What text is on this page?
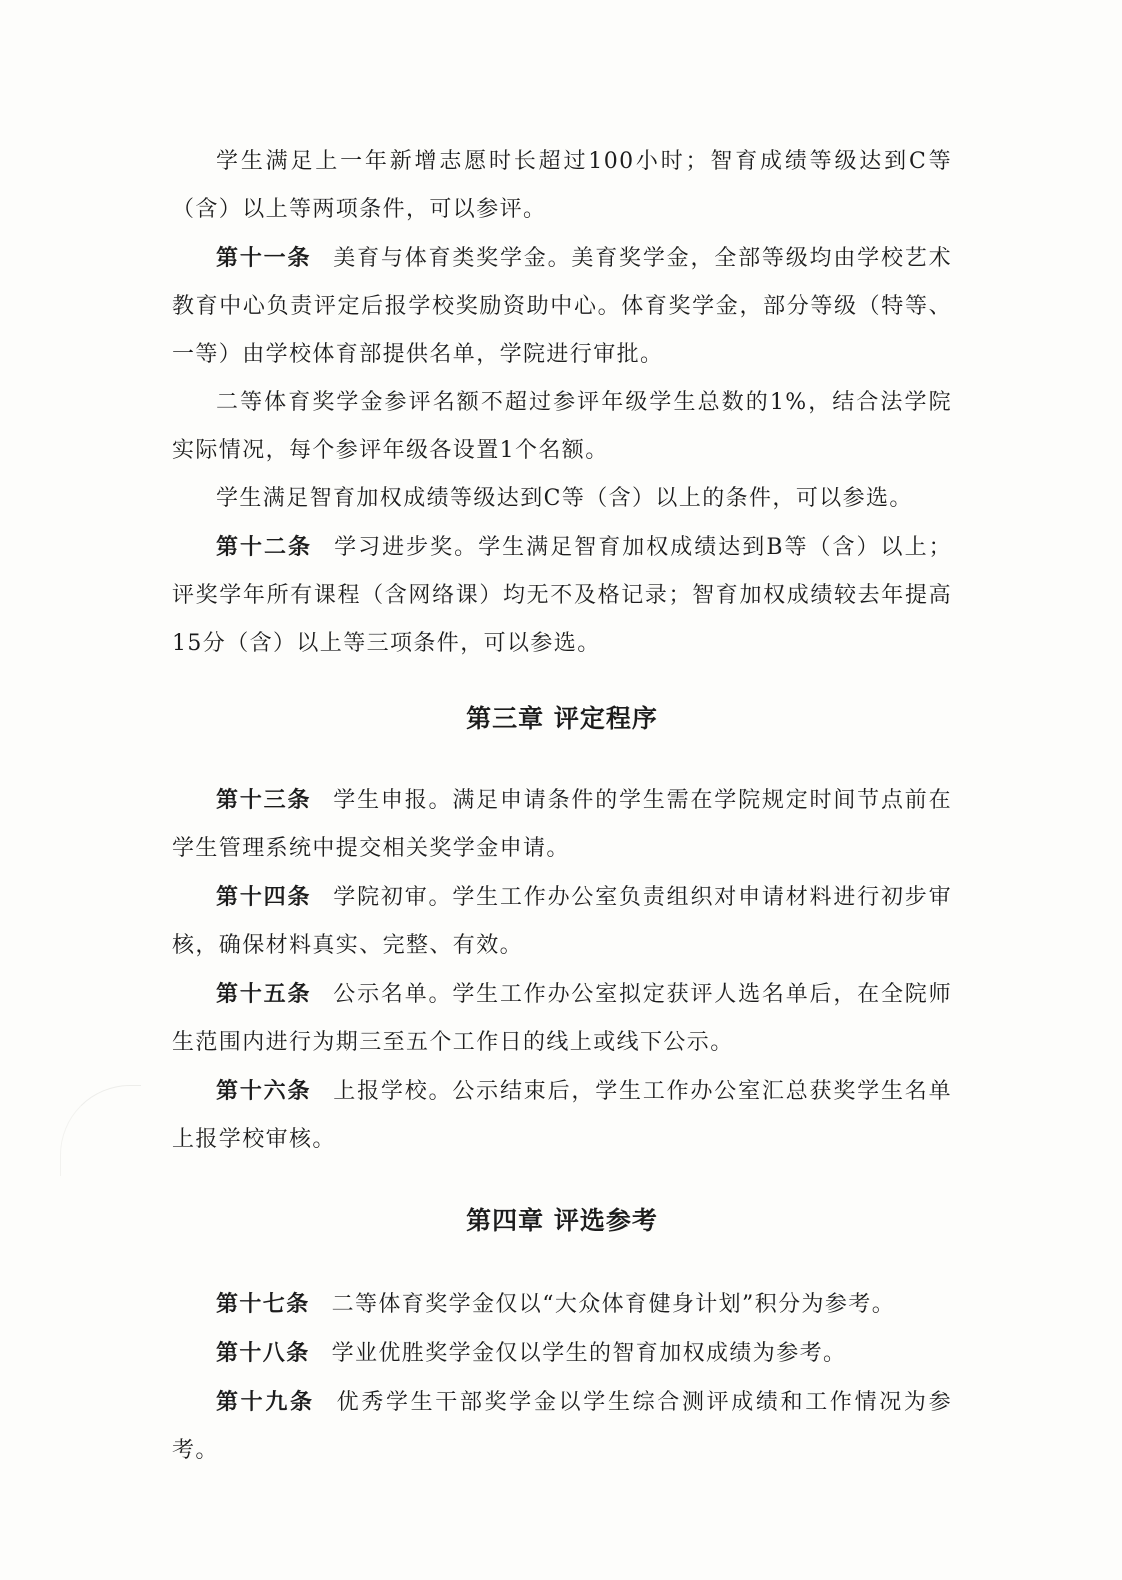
学生满足上一年新增志愿时长超过100小时；智育成绩等级达到C等（含）以上等两项条件，可以参评。

第十一条 美育与体育类奖学金。美育奖学金，全部等级均由学校艺术教育中心负责评定后报学校奖励资助中心。体育奖学金，部分等级（特等、一等）由学校体育部提供名单，学院进行审批。

二等体育奖学金参评名额不超过参评年级学生总数的1%，结合法学院实际情况，每个参评年级各设置1个名额。

学生满足智育加权成绩等级达到C等（含）以上的条件，可以参选。

第十二条 学习进步奖。学生满足智育加权成绩达到B等（含）以上；评奖学年所有课程（含网络课）均无不及格记录；智育加权成绩较去年提高15分（含）以上等三项条件，可以参选。

第三章 评定程序

第十三条 学生申报。满足申请条件的学生需在学院规定时间节点前在学生管理系统中提交相关奖学金申请。

第十四条 学院初审。学生工作办公室负责组织对申请材料进行初步审核，确保材料真实、完整、有效。

第十五条 公示名单。学生工作办公室拟定获评人选名单后，在全院师生范围内进行为期三至五个工作日的线上或线下公示。

第十六条 上报学校。公示结束后，学生工作办公室汇总获奖学生名单上报学校审核。

第四章 评选参考

第十七条 二等体育奖学金仅以“大众体育健身计划”积分为参考。

第十八条 学业优胜奖学金仅以学生的智育加权成绩为参考。

第十九条 优秀学生干部奖学金以学生综合测评成绩和工作情况为参考。
